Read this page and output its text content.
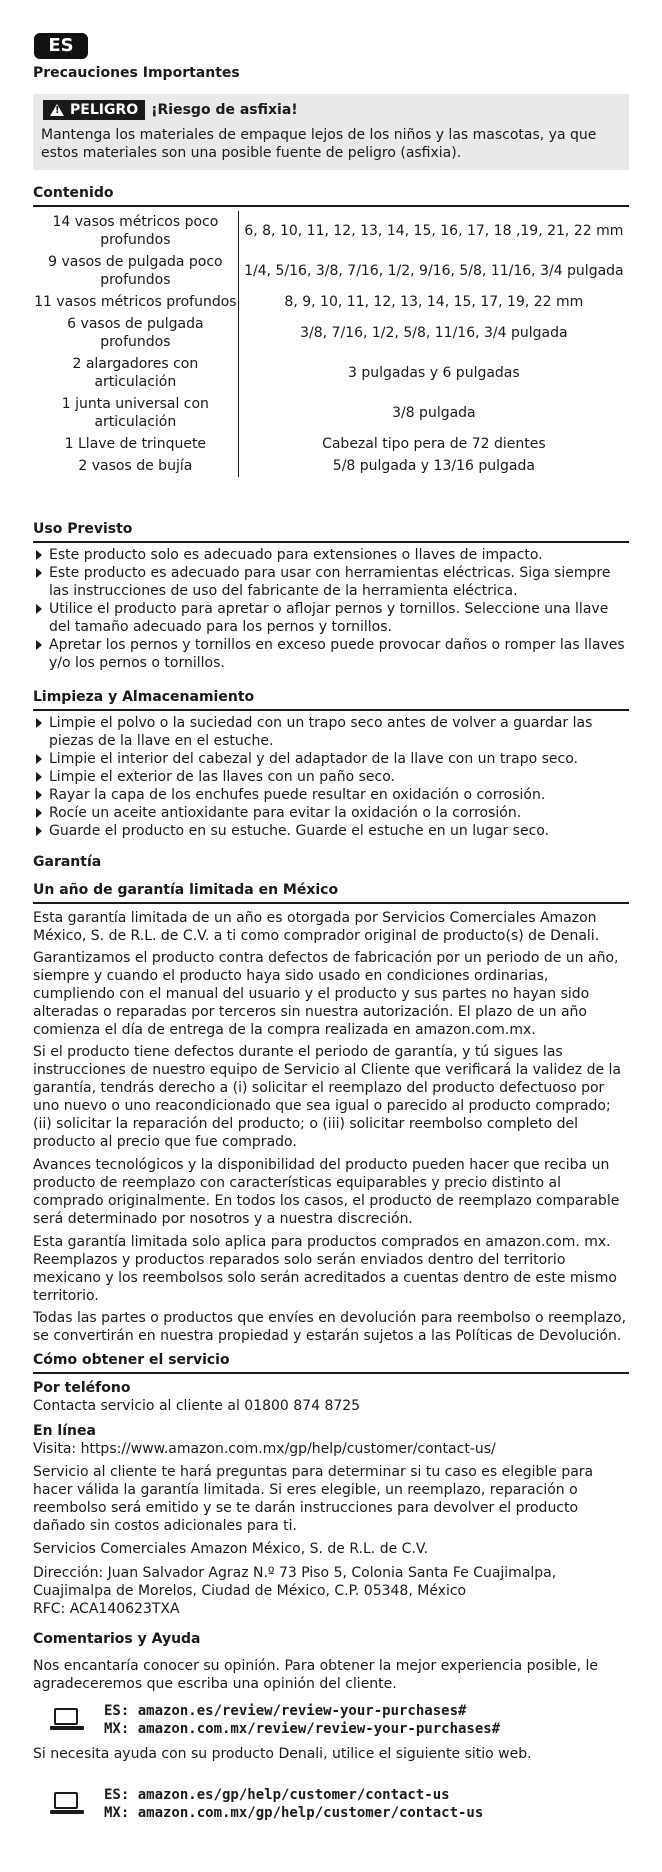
ES
Precauciones Importantes
! PELIGRO ¡Riesgo de asfixia!
Mantenga los materiales de empaque lejos de los niños y las mascotas, ya que estos materiales son una posible fuente de peligro (asfixia).
Contenido
14 vasos métricos poco profundos	6, 8, 10, 11, 12, 13, 14, 15, 16, 17, 18 ,19, 21, 22 mm
9 vasos de pulgada poco profundos	1/4, 5/16, 3/8, 7/16, 1/2, 9/16, 5/8, 11/16, 3/4 pulgada
11 vasos métricos profundos	8, 9, 10, 11, 12, 13, 14, 15, 17, 19, 22 mm
6 vasos de pulgada profundos	3/8, 7/16, 1/2, 5/8, 11/16, 3/4 pulgada
2 alargadores con articulación	3 pulgadas y 6 pulgadas
1 junta universal con articulación	3/8 pulgada
1 Llave de trinquete	Cabezal tipo pera de 72 dientes
2 vasos de bujía	5/8 pulgada y 13/16 pulgada
Uso Previsto
Este producto solo es adecuado para extensiones o llaves de impacto.
Este producto es adecuado para usar con herramientas eléctricas. Siga siempre las instrucciones de uso del fabricante de la herramienta eléctrica.
Utilice el producto para apretar o aflojar pernos y tornillos. Seleccione una llave del tamaño adecuado para los pernos y tornillos.
Apretar los pernos y tornillos en exceso puede provocar daños o romper las llaves y/o los pernos o tornillos.
Limpieza y Almacenamiento
Limpie el polvo o la suciedad con un trapo seco antes de volver a guardar las piezas de la llave en el estuche.
Limpie el interior del cabezal y del adaptador de la llave con un trapo seco.
Limpie el exterior de las llaves con un paño seco.
Rayar la capa de los enchufes puede resultar en oxidación o corrosión.
Rocíe un aceite antioxidante para evitar la oxidación o la corrosión.
Guarde el producto en su estuche. Guarde el estuche en un lugar seco.
Garantía
Un año de garantía limitada en México
Esta garantía limitada de un año es otorgada por Servicios Comerciales Amazon México, S. de R.L. de C.V. a ti como comprador original de producto(s) de Denali.
Garantizamos el producto contra defectos de fabricación por un periodo de un año, siempre y cuando el producto haya sido usado en condiciones ordinarias, cumpliendo con el manual del usuario y el producto y sus partes no hayan sido alteradas o reparadas por terceros sin nuestra autorización. El plazo de un año comienza el día de entrega de la compra realizada en amazon.com.mx.
Si el producto tiene defectos durante el periodo de garantía, y tú sigues las instrucciones de nuestro equipo de Servicio al Cliente que verificará la validez de la garantía, tendrás derecho a (i) solicitar el reemplazo del producto defectuoso por uno nuevo o uno reacondicionado que sea igual o parecido al producto comprado; (ii) solicitar la reparación del producto; o (iii) solicitar reembolso completo del producto al precio que fue comprado.
Avances tecnológicos y la disponibilidad del producto pueden hacer que reciba un producto de reemplazo con características equiparables y precio distinto al comprado originalmente. En todos los casos, el producto de reemplazo comparable será determinado por nosotros y a nuestra discreción.
Esta garantía limitada solo aplica para productos comprados en amazon.com. mx. Reemplazos y productos reparados solo serán enviados dentro del territorio mexicano y los reembolsos solo serán acreditados a cuentas dentro de este mismo territorio.
Todas las partes o productos que envíes en devolución para reembolso o reemplazo, se convertirán en nuestra propiedad y estarán sujetos a las Políticas de Devolución.
Cómo obtener el servicio
Por teléfono
Contacta servicio al cliente al 01800 874 8725
En línea
Visita: https://www.amazon.com.mx/gp/help/customer/contact-us/
Servicio al cliente te hará preguntas para determinar si tu caso es elegible para hacer válida la garantía limitada. Si eres elegible, un reemplazo, reparación o reembolso será emitido y se te darán instrucciones para devolver el producto dañado sin costos adicionales para ti.
Servicios Comerciales Amazon México, S. de R.L. de C.V.
Dirección: Juan Salvador Agraz N.º 73 Piso 5, Colonia Santa Fe Cuajimalpa,
Cuajimalpa de Morelos, Ciudad de México, C.P. 05348, México
RFC: ACA140623TXA
Comentarios y Ayuda
Nos encantaría conocer su opinión. Para obtener la mejor experiencia posible, le agradeceremos que escriba una opinión del cliente.
ES: amazon.es/review/review-your-purchases#
MX: amazon.com.mx/review/review-your-purchases#
Si necesita ayuda con su producto Denali, utilice el siguiente sitio web.
ES: amazon.es/gp/help/customer/contact-us
MX: amazon.com.mx/gp/help/customer/contact-us
